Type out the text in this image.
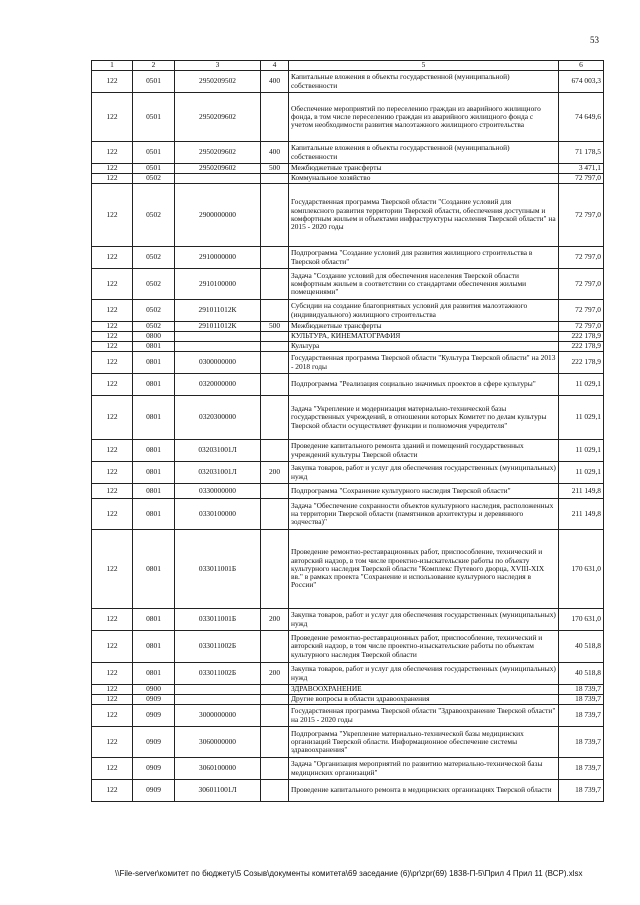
53
1	2	3	4	5	6
122	0501	2950209502	400	Капитальные вложения в объекты государственной (муниципальной) собственности	674 003,3
122	0501	2950209602		Обеспечение мероприятий по переселению граждан из аварийного жилищного фонда, в том числе переселению граждан из аварийного жилищного фонда с учетом необходимости развития малоэтажного жилищного строительства	74 649,6
122	0501	2950209602	400	Капитальные вложения в объекты государственной (муниципальной) собственности	71 178,5
122	0501	2950209602	500	Межбюджетные трансферты	3 471,1
122	0502			Коммунальное хозяйство	72 797,0
122	0502	2900000000		Государственная программа Тверской области "Создание условий для комплексного развития территории Тверской области, обеспечения доступным и комфортным жильем и объектами инфраструктуры населения Тверской области" на 2015 - 2020 годы	72 797,0
122	0502	2910000000		Подпрограмма "Создание условий для развития жилищного строительства в Тверской области"	72 797,0
122	0502	2910100000		Задача "Создание условий для обеспечения населения Тверской области комфортным жильем в соответствии со стандартами обеспечения жилыми помещениями"	72 797,0
122	0502	291011012К		Субсидии на создание благоприятных условий для развития малоэтажного (индивидуального) жилищного строительства	72 797,0
122	0502	291011012К	500	Межбюджетные трансферты	72 797,0
122	0800			КУЛЬТУРА, КИНЕМАТОГРАФИЯ	222 178,9
122	0801			Культура	222 178,9
122	0801	0300000000		Государственная программа Тверской области "Культура Тверской области" на 2013 - 2018 годы	222 178,9
122	0801	0320000000		Подпрограмма "Реализация социально значимых проектов в сфере культуры"	11 029,1
122	0801	0320300000		Задача "Укрепление и модернизация материально-технической базы государственных учреждений, в отношении которых Комитет по делам культуры Тверской области осуществляет функции и полномочия учредителя"	11 029,1
122	0801	032031001Л		Проведение капитального ремонта зданий и помещений государственных учреждений культуры Тверской области	11 029,1
122	0801	032031001Л	200	Закупка товаров, работ и услуг для обеспечения государственных (муниципальных) нужд	11 029,1
122	0801	0330000000		Подпрограмма "Сохранение культурного наследия Тверской области"	211 149,8
122	0801	0330100000		Задача "Обеспечение сохранности объектов культурного наследия, расположенных на территории Тверской области (памятников архитектуры и деревянного зодчества)"	211 149,8
122	0801	033011001Б		Проведение ремонтно-реставрационных работ, приспособление, технический и авторский надзор, в том числе проектно-изыскательские работы по объекту культурного наследия Тверской области "Комплекс Путевого дворца, XVIII-XIX вв." в рамках проекта "Сохранение и использование культурного наследия в России"	170 631,0
122	0801	033011001Б	200	Закупка товаров, работ и услуг для обеспечения государственных (муниципальных) нужд	170 631,0
122	0801	033011002Б		Проведение ремонтно-реставрационных работ, приспособление, технический и авторский надзор, в том числе проектно-изыскательские работы по объектам культурного наследия Тверской области	40 518,8
122	0801	033011002Б	200	Закупка товаров, работ и услуг для обеспечения государственных (муниципальных) нужд	40 518,8
122	0900			ЗДРАВООХРАНЕНИЕ	18 739,7
122	0909			Другие вопросы в области здравоохранения	18 739,7
122	0909	3000000000		Государственная программа Тверской области "Здравоохранение Тверской области" на 2015 - 2020 годы	18 739,7
122	0909	3060000000		Подпрограмма "Укрепление материально-технической базы медицинских организаций Тверской области. Информационное обеспечение системы здравоохранения"	18 739,7
122	0909	3060100000		Задача "Организация мероприятий по развитию материально-технической базы медицинских организаций"	18 739,7
122	0909	306011001Л		Проведение капитального ремонта в медицинских организациях Тверской области	18 739,7
\\File-server\комитет по бюджету\5 Созыв\документы комитета\69 заседание (6)\pr\zpr(69) 1838-П-5\Прил 4 Прил 11 (ВСР).xlsx
